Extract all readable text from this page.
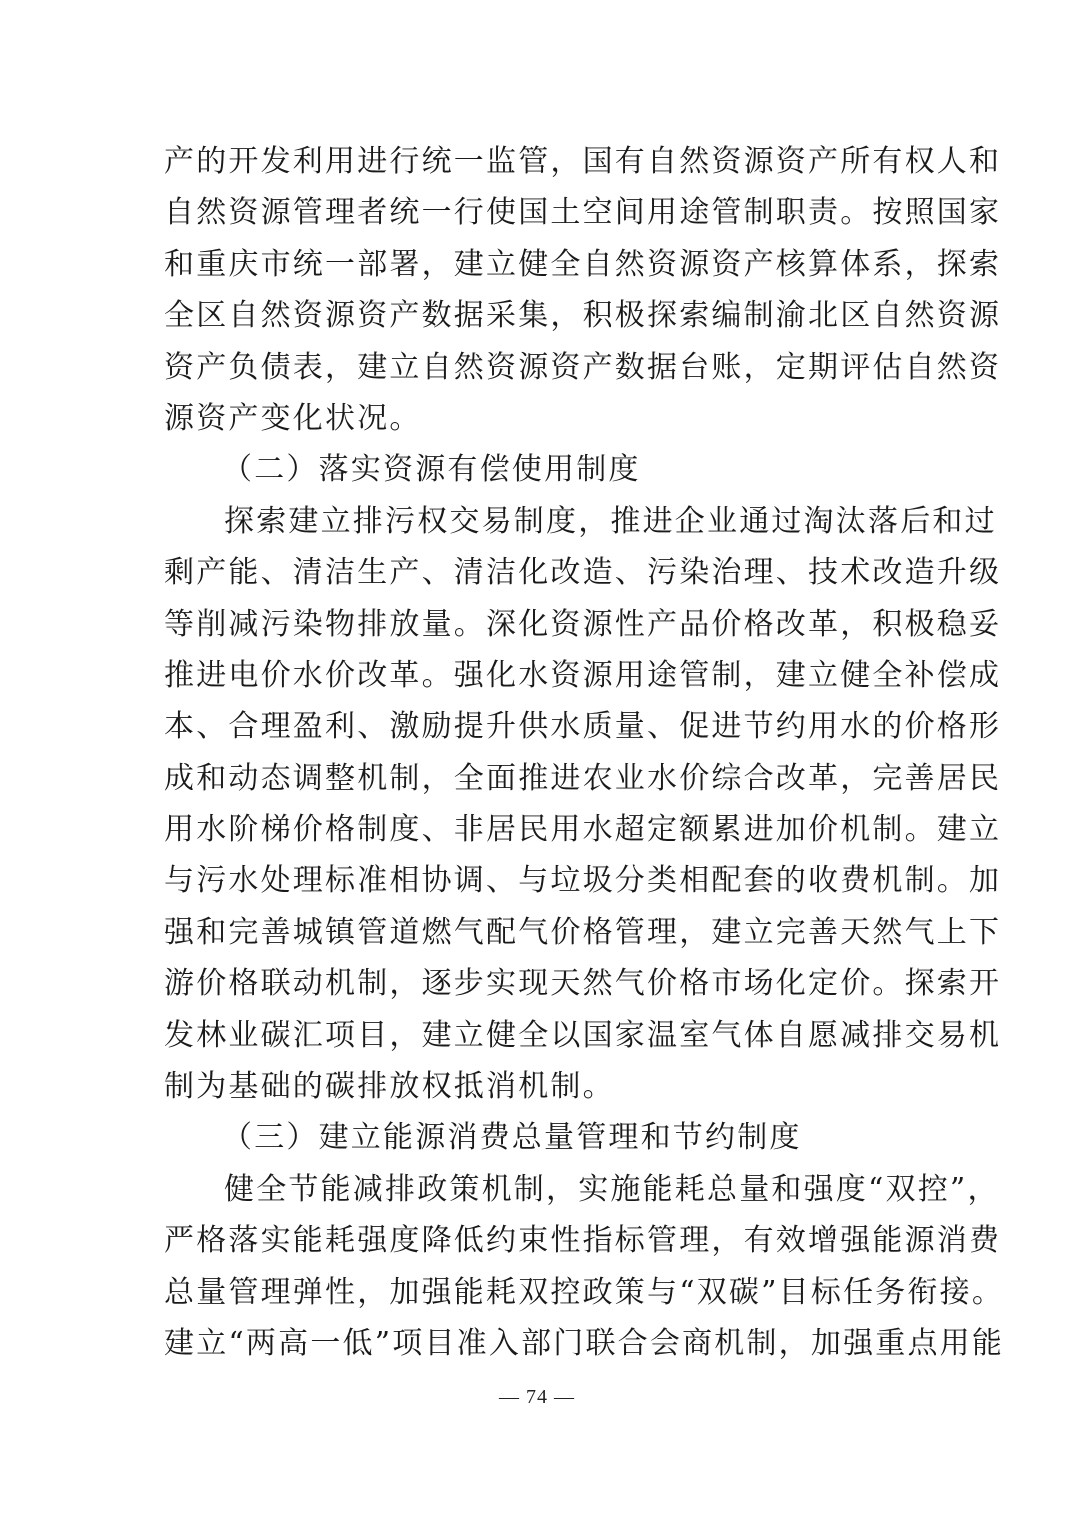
产的开发利用进行统一监管，国有自然资源资产所有权人和
自然资源管理者统一行使国土空间用途管制职责。按照国家
和重庆市统一部署，建立健全自然资源资产核算体系，探索
全区自然资源资产数据采集，积极探索编制渝北区自然资源
资产负债表，建立自然资源资产数据台账，定期评估自然资
源资产变化状况。
（二）落实资源有偿使用制度
探索建立排污权交易制度，推进企业通过淘汰落后和过
剩产能、清洁生产、清洁化改造、污染治理、技术改造升级
等削减污染物排放量。深化资源性产品价格改革，积极稳妥
推进电价水价改革。强化水资源用途管制，建立健全补偿成
本、合理盈利、激励提升供水质量、促进节约用水的价格形
成和动态调整机制，全面推进农业水价综合改革，完善居民
用水阶梯价格制度、非居民用水超定额累进加价机制。建立
与污水处理标准相协调、与垃圾分类相配套的收费机制。加
强和完善城镇管道燃气配气价格管理，建立完善天然气上下
游价格联动机制，逐步实现天然气价格市场化定价。探索开
发林业碳汇项目，建立健全以国家温室气体自愿减排交易机
制为基础的碳排放权抵消机制。
（三）建立能源消费总量管理和节约制度
健全节能减排政策机制，实施能耗总量和强度“双控”，
严格落实能耗强度降低约束性指标管理，有效增强能源消费
总量管理弹性，加强能耗双控政策与“双碳”目标任务衔接。
建立“两高一低”项目准入部门联合会商机制，加强重点用能
— 74 —
